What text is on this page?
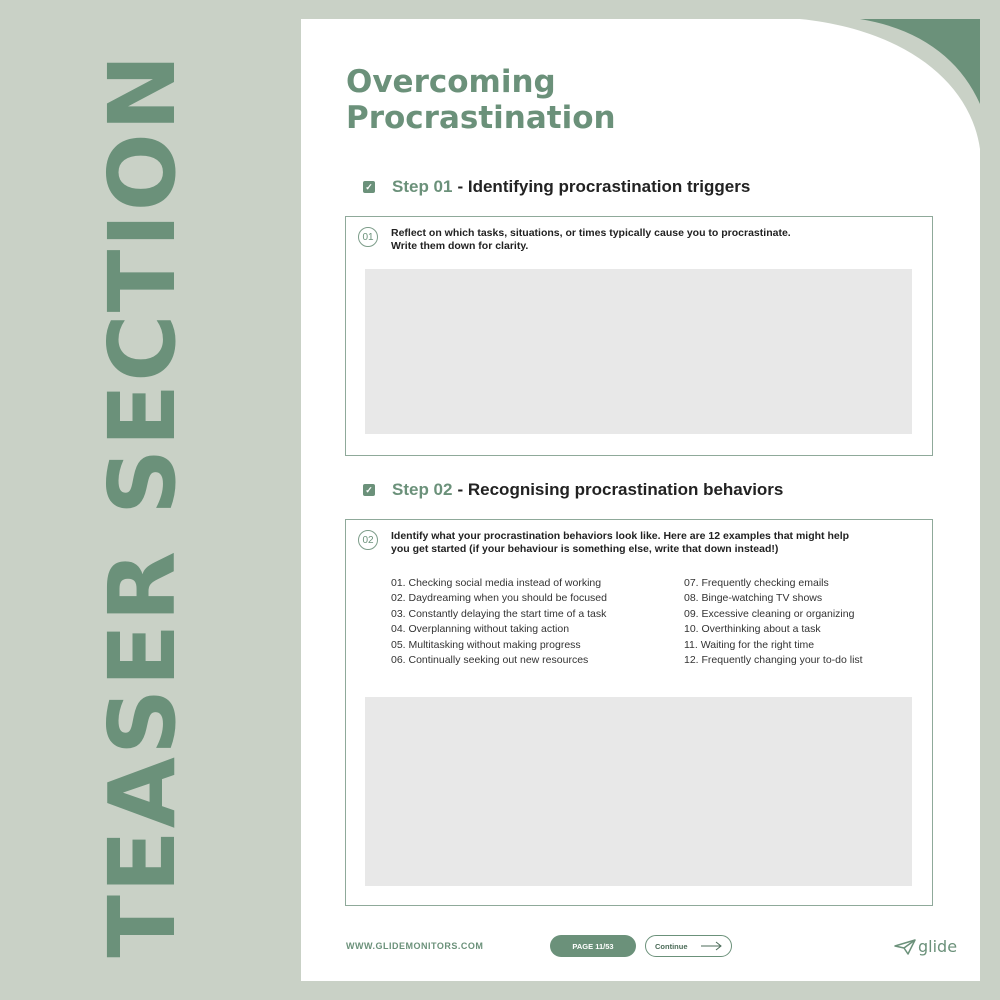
TEASER SECTION	Overcoming
Procrastination
✓ Step 01 - Identifying procrastination triggers
01	Reflect on which tasks, situations, or times typically cause you to procrastinate.
Write them down for clarity.
✓ Step 02 - Recognising procrastination behaviors
02	Identify what your procrastination behaviors look like. Here are 12 examples that might help
you get started (if your behaviour is something else, write that down instead!)
01. Checking social media instead of working
02. Daydreaming when you should be focused
03. Constantly delaying the start time of a task
04. Overplanning without taking action
05. Multitasking without making progress
06. Continually seeking out new resources
07. Frequently checking emails
08. Binge-watching TV shows
09. Excessive cleaning or organizing
10. Overthinking about a task
11. Waiting for the right time
12. Frequently changing your to-do list
WWW.GLIDEMONITORS.COM	PAGE 11/53	Continue	glide
